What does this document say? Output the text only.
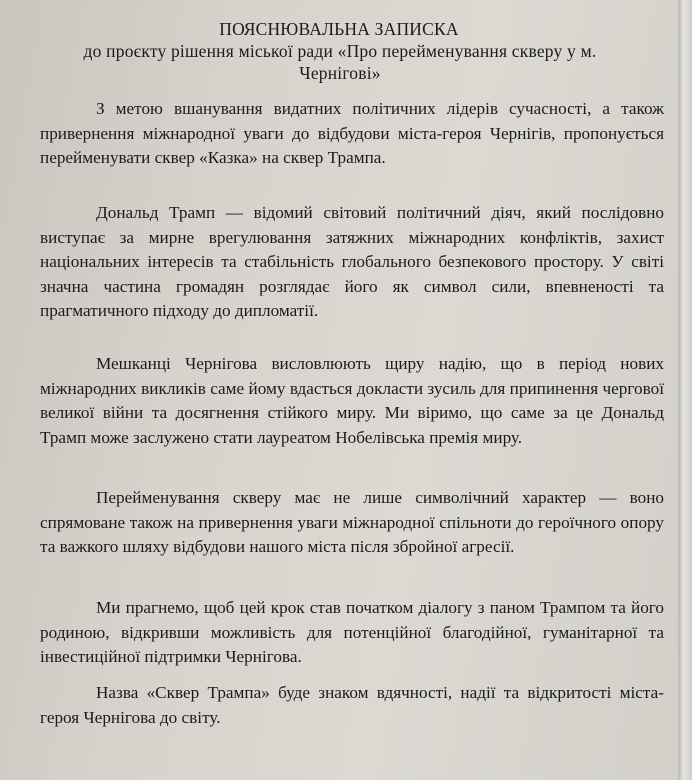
ПОЯСНЮВАЛЬНА ЗАПИСКА
до проєкту рішення міської ради «Про перейменування скверу у м. Чернігові»

З метою вшанування видатних політичних лідерів сучасності, а також привернення міжнародної уваги до відбудови міста-героя Чернігів, пропонується перейменувати сквер «Казка» на сквер Трампа.

Дональд Трамп — відомий світовий політичний діяч, який послідовно виступає за мирне врегулювання затяжних міжнародних конфліктів, захист національних інтересів та стабільність глобального безпекового простору. У світі значна частина громадян розглядає його як символ сили, впевненості та прагматичного підходу до дипломатії.

Мешканці Чернігова висловлюють щиру надію, що в період нових міжнародних викликів саме йому вдасться докласти зусиль для припинення чергової великої війни та досягнення стійкого миру. Ми віримо, що саме за це Дональд Трамп може заслужено стати лауреатом Нобелівська премія миру.

Перейменування скверу має не лише символічний характер — воно спрямоване також на привернення уваги міжнародної спільноти до героїчного опору та важкого шляху відбудови нашого міста після збройної агресії.

Ми прагнемо, щоб цей крок став початком діалогу з паном Трампом та його родиною, відкривши можливість для потенційної благодійної, гуманітарної та інвестиційної підтримки Чернігова.

Назва «Сквер Трампа» буде знаком вдячності, надії та відкритості міста-героя Чернігова до світу.
